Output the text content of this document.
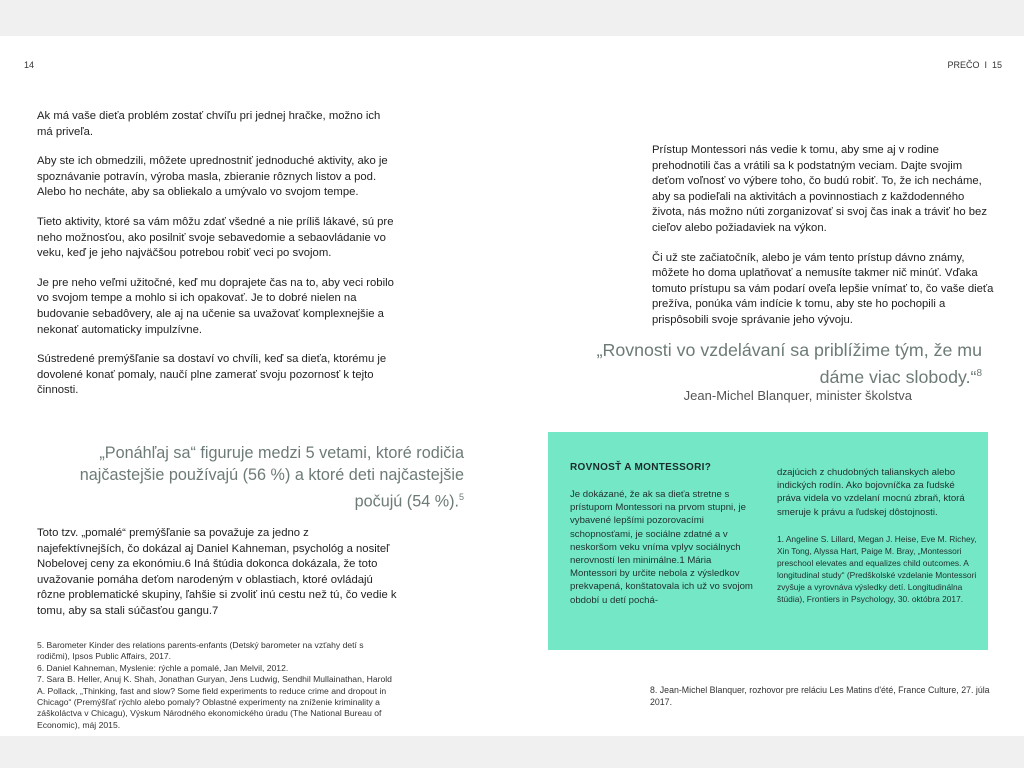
14

Ak má vaše dieťa problém zostať chvíľu pri jednej hračke, možno ich má priveľa.

Aby ste ich obmedzili, môžete uprednostniť jednoduché aktivity, ako je spoznávanie potravín, výroba masla, zbieranie rôznych listov a pod. Alebo ho necháte, aby sa obliekalo a umývalo vo svojom tempe.

Tieto aktivity, ktoré sa vám môžu zdať všedné a nie príliš lákavé, sú pre neho možnosťou, ako posilniť svoje sebavedomie a sebaovládanie vo veku, keď je jeho najväčšou potrebou robiť veci po svojom.

Je pre neho veľmi užitočné, keď mu doprajete čas na to, aby veci robilo vo svojom tempe a mohlo si ich opakovať. Je to dobré nielen na budovanie sebadôvery, ale aj na učenie sa uvažovať komplexnejšie a nekonať automaticky impulzívne.

Sústredené premýšľanie sa dostaví vo chvíli, keď sa dieťa, ktorému je dovolené konať pomaly, naučí plne zamerať svoju pozornosť k tejto činnosti.

„Ponáhľaj sa“ figuruje medzi 5 vetami, ktoré rodičia najčastejšie používajú (56 %) a ktoré deti najčastejšie počujú (54 %).$^5$

Toto tzv. „pomalé“ premýšľanie sa považuje za jedno z najefektívnejších, čo dokázal aj Daniel Kahneman, psychológ a nositeľ Nobelovej ceny za ekonómiu.6 Iná štúdia dokonca dokázala, že toto uvažovanie pomáha deťom narodeným v oblastiach, ktoré ovládajú rôzne problematické skupiny, ľahšie si zvoliť inú cestu než tú, čo vedie k tomu, aby sa stali súčasťou gangu.7

5. Barometer Kinder des relations parents-enfants (Detský barometer na vzťahy detí s rodičmi), Ipsos Public Affairs, 2017.
6. Daniel Kahneman, Myslenie: rýchle a pomalé, Jan Melvil, 2012.
7. Sara B. Heller, Anuj K. Shah, Jonathan Guryan, Jens Ludwig, Sendhil Mullainathan, Harold A. Pollack, „Thinking, fast and slow? Some field experiments to reduce crime and dropout in Chicago“ (Premýšľať rýchlo alebo pomaly? Oblastné experimenty na zníženie kriminality a záškoláctva v Chicagu), Výskum Národného ekonomického úradu (The National Bureau of Economic), máj 2015.
PREČO I 15

Prístup Montessori nás vedie k tomu, aby sme aj v rodine prehodnotili čas a vrátili sa k podstatným veciam. Dajte svojim deťom voľnosť vo výbere toho, čo budú robiť. To, že ich necháme, aby sa podieľali na aktivitách a povinnostiach z každodenného života, nás možno núti zorganizovať si svoj čas inak a tráviť ho bez cieľov alebo požiadaviek na výkon.

Či už ste začiatočník, alebo je vám tento prístup dávno známy, môžete ho doma uplatňovať a nemusíte takmer nič minúť. Vďaka tomuto prístupu sa vám podarí oveľa lepšie vnímať to, čo vaše dieťa prežíva, ponúka vám indície k tomu, aby ste ho pochopili a prispôsobili svoje správanie jeho vývoju.

„Rovnosti vo vzdelávaní sa priblížime tým, že mu dáme viac slobody.“$^8$
Jean-Michel Blanquer, minister školstva
ROVNOSŤ A MONTESSORI?

Je dokázané, že ak sa dieťa stretne s prístupom Montessori na prvom stupni, je vybavené lepšími pozorovacími schopnosťami, je sociálne zdatné a v neskoršom veku vníma vplyv sociálnych nerovností len minimálne.1 Mária Montessori by určite nebola z výsledkov prekvapená, konštatovala ich už vo svojom období u detí pochá-

dzajúcich z chudobných talianskych alebo indických rodín. Ako bojovníčka za ľudské práva videla vo vzdelaní mocnú zbraň, ktorá smeruje k právu a ľudskej dôstojnosti.

1. Angeline S. Lillard, Megan J. Heise, Eve M. Richey, Xin Tong, Alyssa Hart, Paige M. Bray, „Montessori preschool elevates and equalizes child outcomes. A longitudinal study“ (Predškolské vzdelanie Montessori zvyšuje a vyrovnáva výsledky detí. Longitudinálna štúdia), Frontiers in Psychology, 30. októbra 2017.

8. Jean-Michel Blanquer, rozhovor pre reláciu Les Matins d'été, France Culture, 27. júla 2017.
